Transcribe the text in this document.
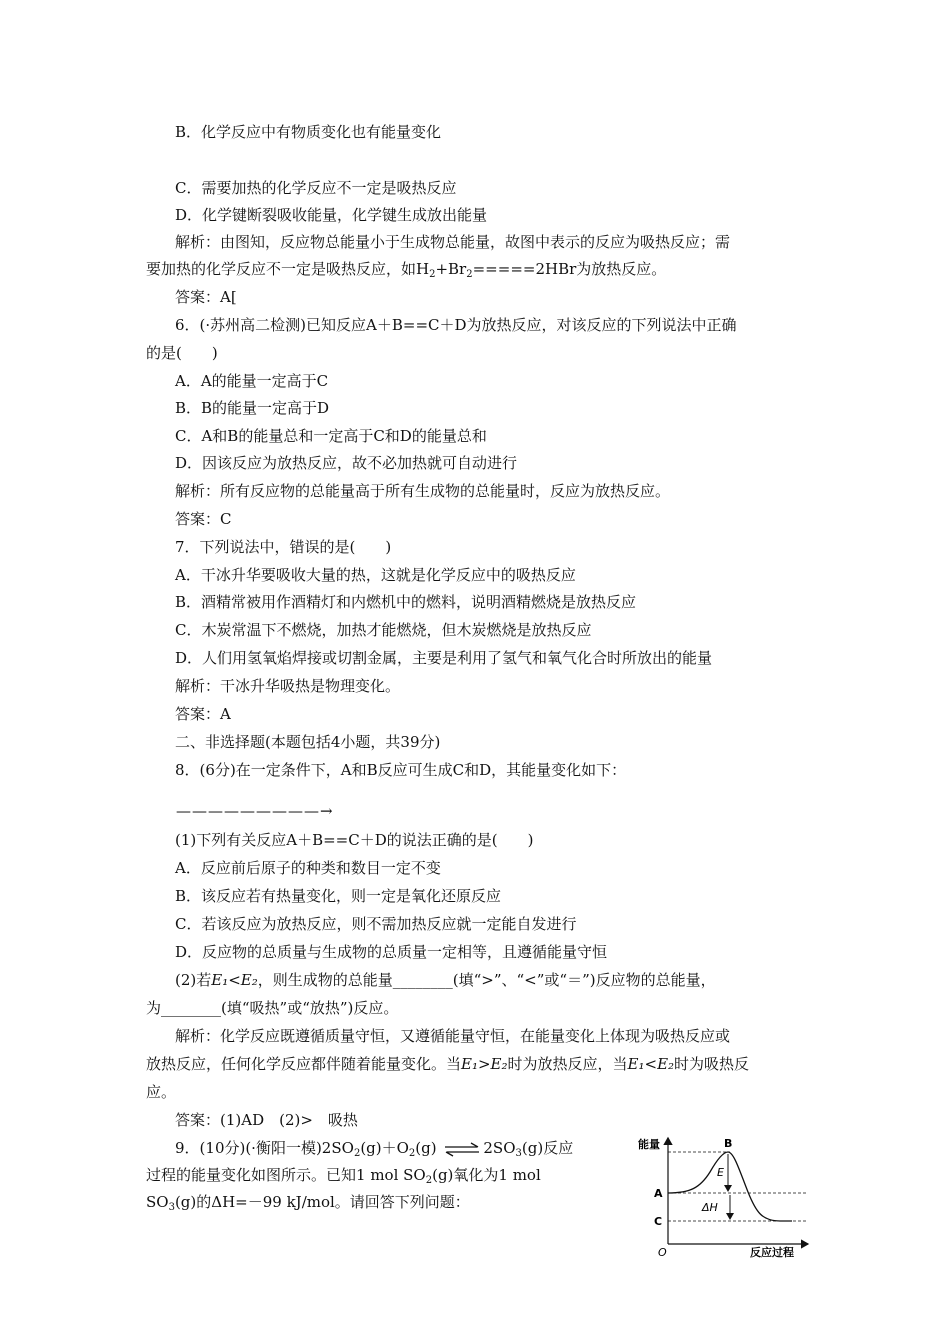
B．化学反应中有物质变化也有能量变化
C．需要加热的化学反应不一定是吸热反应
D．化学键断裂吸收能量，化学键生成放出能量
解析：由图知，反应物总能量小于生成物总能量，故图中表示的反应为吸热反应；需
要加热的化学反应不一定是吸热反应，如$H_2+Br_2=====2HBr$为放热反应。
答案：A[
6．(·苏州高二检测)已知反应A＋B==C＋D为放热反应，对该反应的下列说法中正确
的是(　　)
A．A的能量一定高于C
B．B的能量一定高于D
C．A和B的能量总和一定高于C和D的能量总和
D．因该反应为放热反应，故不必加热就可自动进行
解析：所有反应物的总能量高于所有生成物的总能量时，反应为放热反应。
答案：C
7．下列说法中，错误的是(　　)
A．干冰升华要吸收大量的热，这就是化学反应中的吸热反应
B．酒精常被用作酒精灯和内燃机中的燃料，说明酒精燃烧是放热反应
C．木炭常温下不燃烧，加热才能燃烧，但木炭燃烧是放热反应
D．人们用氢氧焰焊接或切割金属，主要是利用了氢气和氧气化合时所放出的能量
解析：干冰升华吸热是物理变化。
答案：A
二、非选择题(本题包括4小题，共39分)
8．(6分)在一定条件下，A和B反应可生成C和D，其能量变化如下：
—————————→
(1)下列有关反应A＋B==C＋D的说法正确的是(　　)
A．反应前后原子的种类和数目一定不变
B．该反应若有热量变化，则一定是氧化还原反应
C．若该反应为放热反应，则不需加热反应就一定能自发进行
D．反应物的总质量与生成物的总质量一定相等，且遵循能量守恒
(2)若E₁<E₂，则生成物的总能量________(填“>”、“<”或“＝”)反应物的总能量，
为________(填“吸热”或“放热”)反应。
解析：化学反应既遵循质量守恒，又遵循能量守恒，在能量变化上体现为吸热反应或
放热反应，任何化学反应都伴随着能量变化。当E₁>E₂时为放热反应，当E₁<E₂时为吸热反
应。
答案：(1)AD　(2)>　吸热
9．(10分)(·衡阳一模)$2SO_2(g)+O_2(g)$ ⇌ $2SO_3(g)$反应
过程的能量变化如图所示。已知1 mol $SO_2(g)$氧化为1 mol
$SO_3(g)$的ΔH=－99 kJ/mol。请回答下列问题：
能量
反应过程
O
B
A
C
E
ΔH
